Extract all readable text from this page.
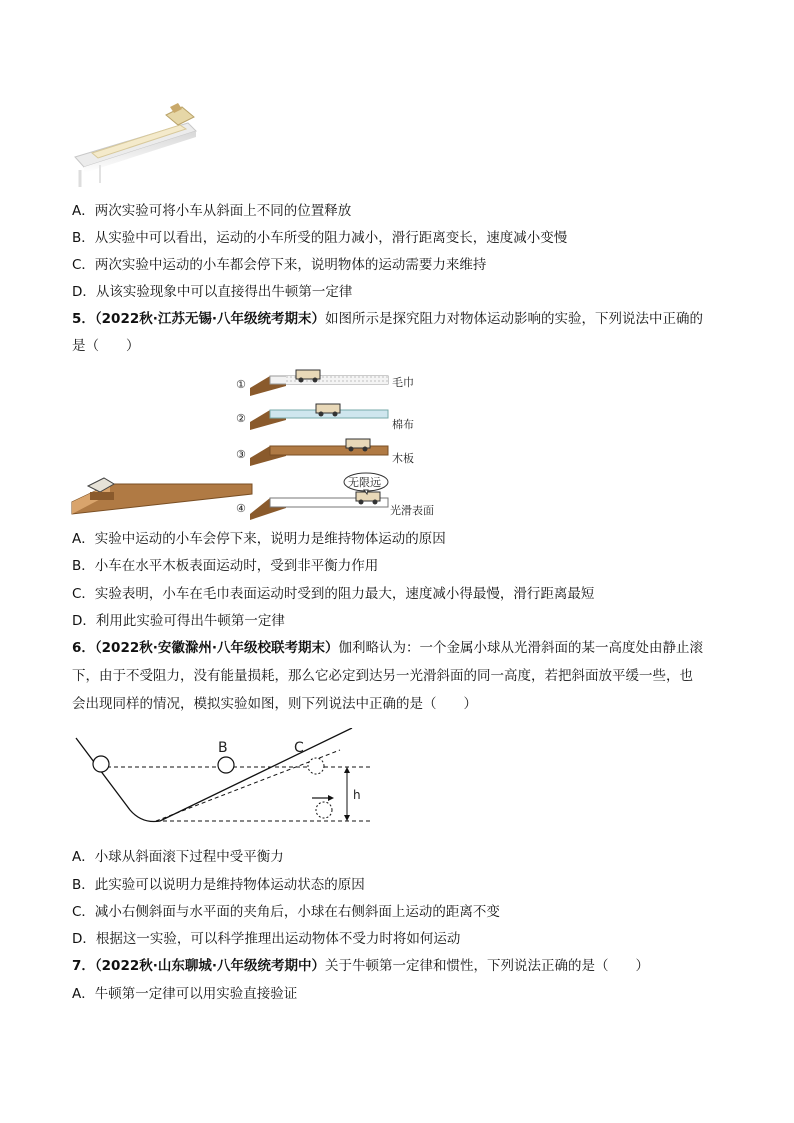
A．两次实验可将小车从斜面上不同的位置释放
B．从实验中可以看出，运动的小车所受的阻力减小，滑行距离变长，速度减小变慢
C．两次实验中运动的小车都会停下来，说明物体的运动需要力来维持
D．从该实验现象中可以直接得出牛顿第一定律
5．（2022秋·江苏无锡·八年级统考期末）如图所示是探究阻力对物体运动影响的实验，下列说法中正确的
是（　　）
①	毛巾
②	棉布
③	木板
④
无限远
光滑表面
A．实验中运动的小车会停下来，说明力是维持物体运动的原因
B．小车在水平木板表面运动时，受到非平衡力作用
C．实验表明，小车在毛巾表面运动时受到的阻力最大，速度减小得最慢，滑行距离最短
D．利用此实验可得出牛顿第一定律
6．（2022秋·安徽滁州·八年级校联考期末）伽利略认为：一个金属小球从光滑斜面的某一高度处由静止滚
下，由于不受阻力，没有能量损耗，那么它必定到达另一光滑斜面的同一高度，若把斜面放平缓一些，也
会出现同样的情况，模拟实验如图，则下列说法中正确的是（　　）
B	C
h
A．小球从斜面滚下过程中受平衡力
B．此实验可以说明力是维持物体运动状态的原因
C．减小右侧斜面与水平面的夹角后，小球在右侧斜面上运动的距离不变
D．根据这一实验，可以科学推理出运动物体不受力时将如何运动
7．（2022秋·山东聊城·八年级统考期中）关于牛顿第一定律和惯性，下列说法正确的是（　　）
A．牛顿第一定律可以用实验直接验证
